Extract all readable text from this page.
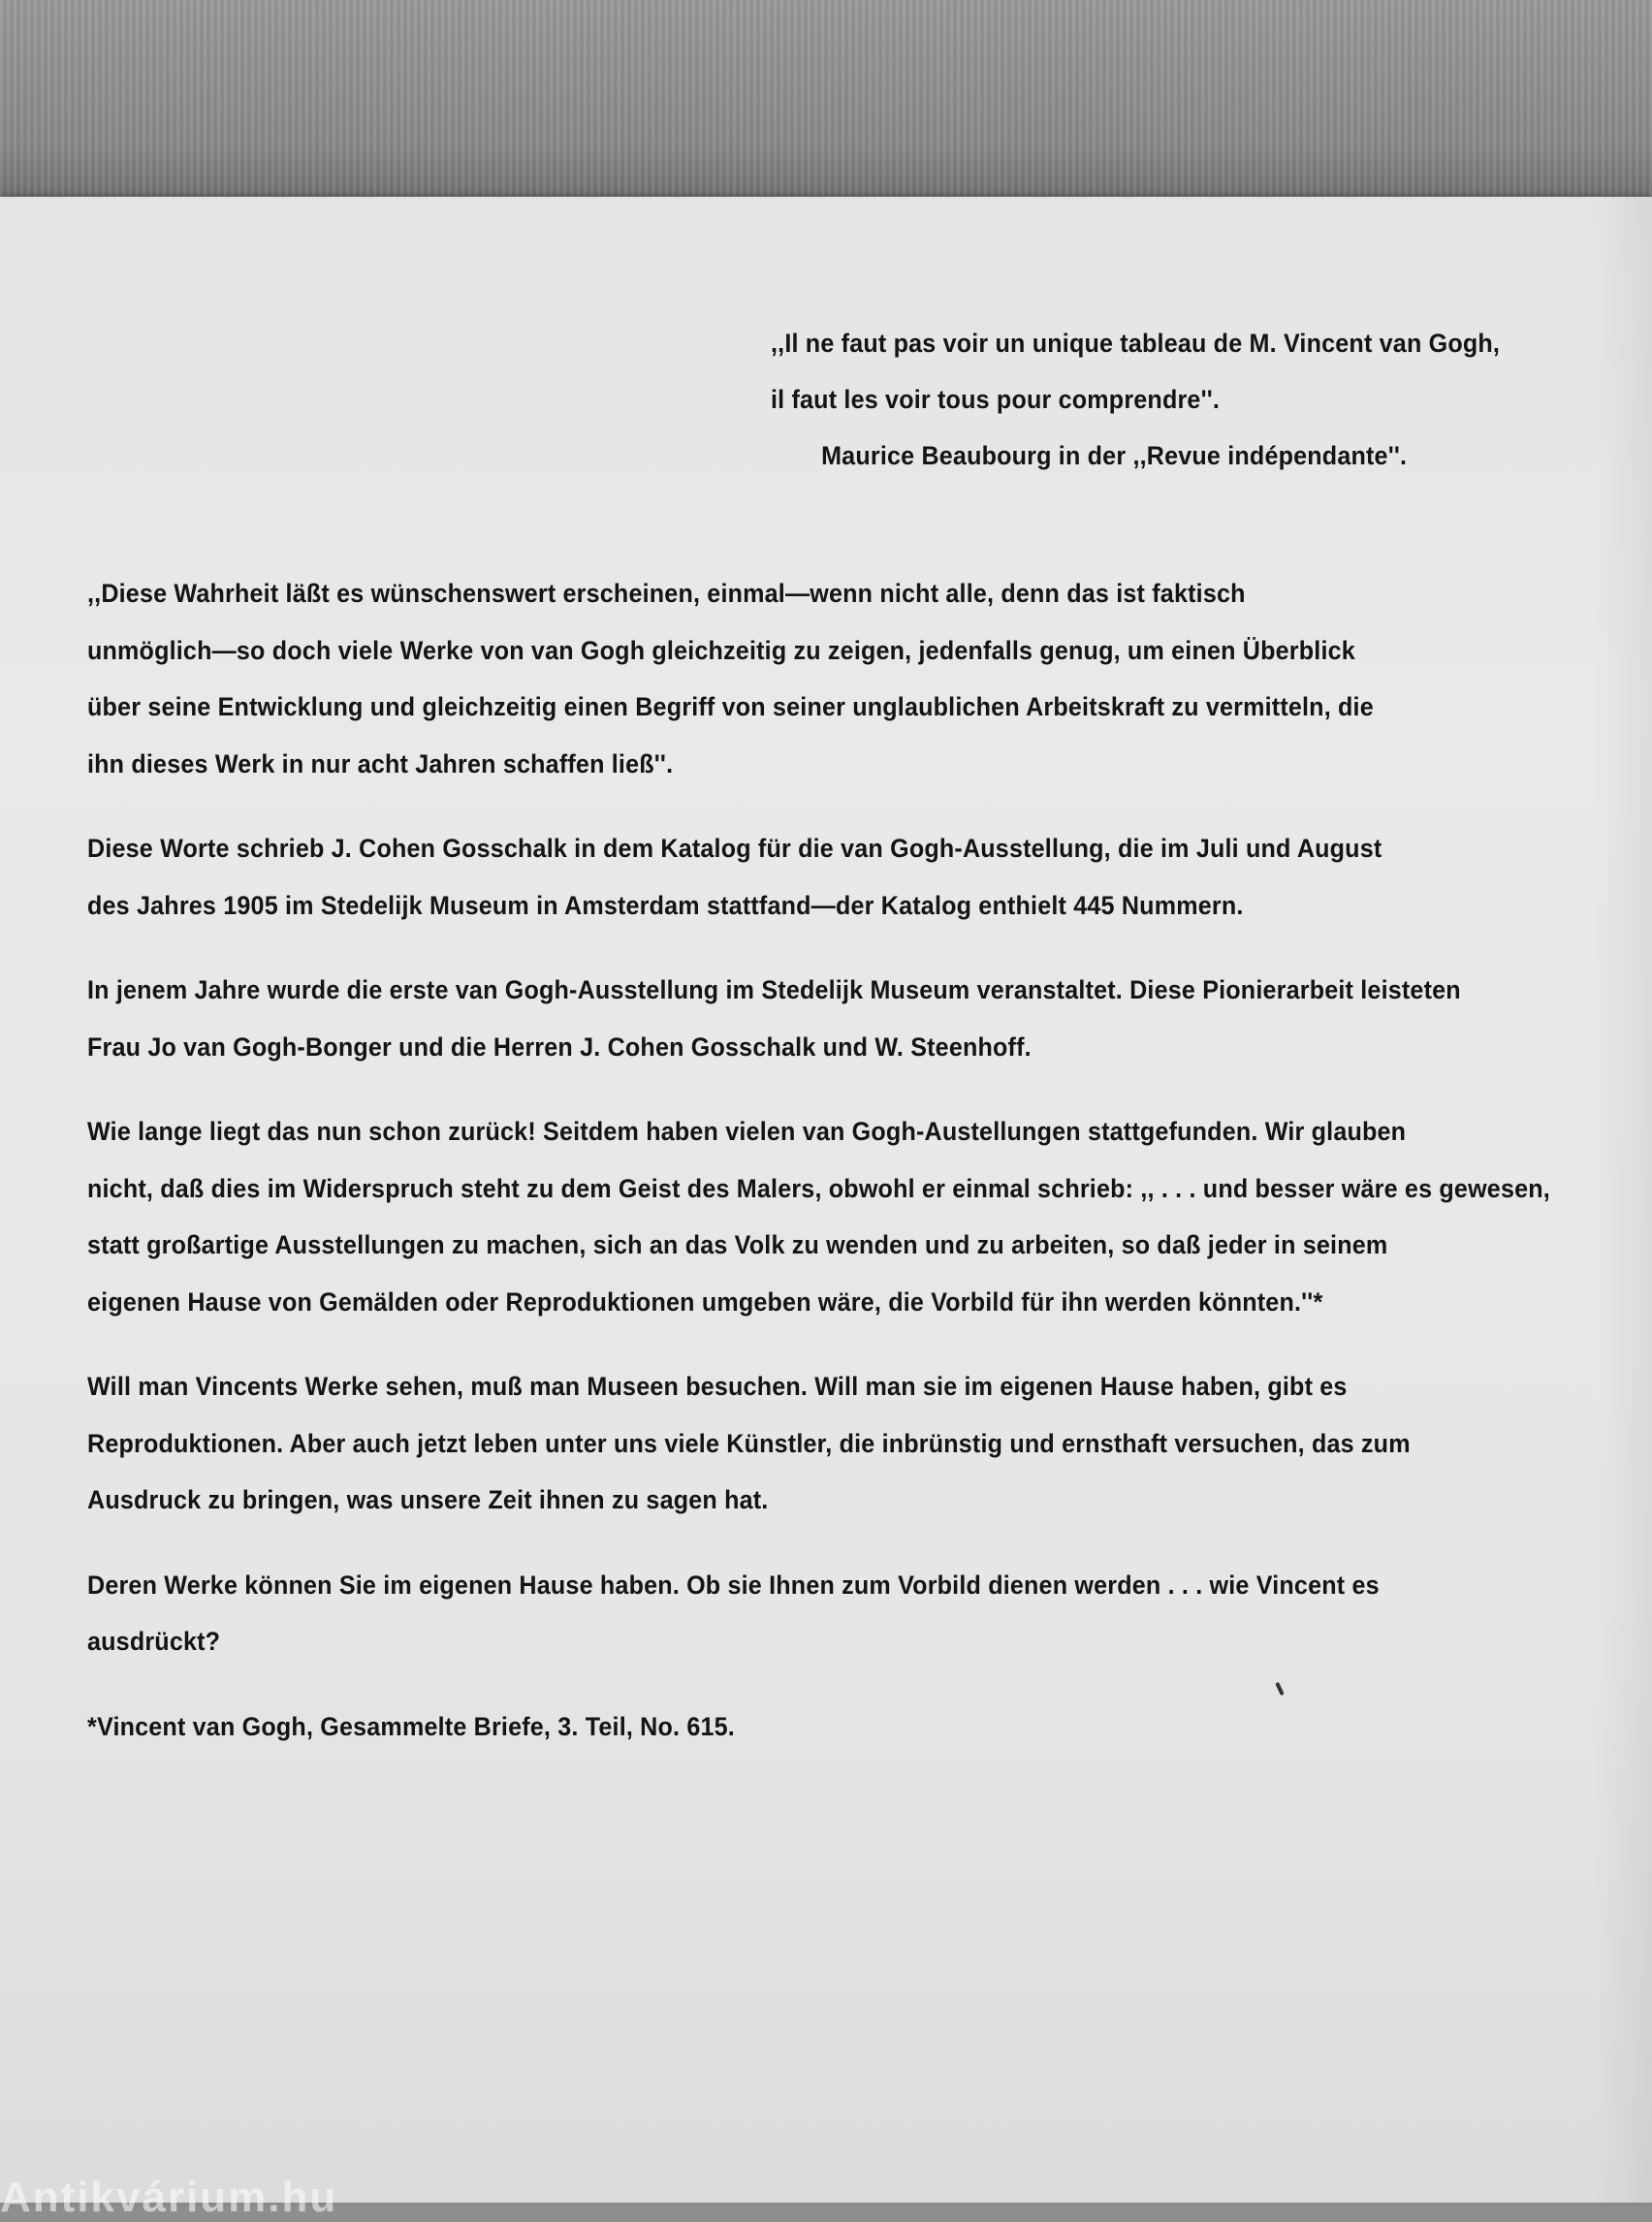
,,Il ne faut pas voir un unique tableau de M. Vincent van Gogh,
il faut les voir tous pour comprendre''.
Maurice Beaubourg in der ,,Revue indépendante''.

,,Diese Wahrheit läßt es wünschenswert erscheinen, einmal—wenn nicht alle, denn das ist faktisch
unmöglich—so doch viele Werke von van Gogh gleichzeitig zu zeigen, jedenfalls genug, um einen Überblick
über seine Entwicklung und gleichzeitig einen Begriff von seiner unglaublichen Arbeitskraft zu vermitteln, die
ihn dieses Werk in nur acht Jahren schaffen ließ''.

Diese Worte schrieb J. Cohen Gosschalk in dem Katalog für die van Gogh-Ausstellung, die im Juli und August
des Jahres 1905 im Stedelijk Museum in Amsterdam stattfand—der Katalog enthielt 445 Nummern.

In jenem Jahre wurde die erste van Gogh-Ausstellung im Stedelijk Museum veranstaltet. Diese Pionierarbeit leisteten
Frau Jo van Gogh-Bonger und die Herren J. Cohen Gosschalk und W. Steenhoff.

Wie lange liegt das nun schon zurück! Seitdem haben vielen van Gogh-Austellungen stattgefunden. Wir glauben
nicht, daß dies im Widerspruch steht zu dem Geist des Malers, obwohl er einmal schrieb: ,, . . . und besser wäre es gewesen,
statt großartige Ausstellungen zu machen, sich an das Volk zu wenden und zu arbeiten, so daß jeder in seinem
eigenen Hause von Gemälden oder Reproduktionen umgeben wäre, die Vorbild für ihn werden könnten.''*

Will man Vincents Werke sehen, muß man Museen besuchen. Will man sie im eigenen Hause haben, gibt es
Reproduktionen. Aber auch jetzt leben unter uns viele Künstler, die inbrünstig und ernsthaft versuchen, das zum
Ausdruck zu bringen, was unsere Zeit ihnen zu sagen hat.

Deren Werke können Sie im eigenen Hause haben. Ob sie Ihnen zum Vorbild dienen werden . . . wie Vincent es
ausdrückt?

*Vincent van Gogh, Gesammelte Briefe, 3. Teil, No. 615.

Antikvárium.hu
